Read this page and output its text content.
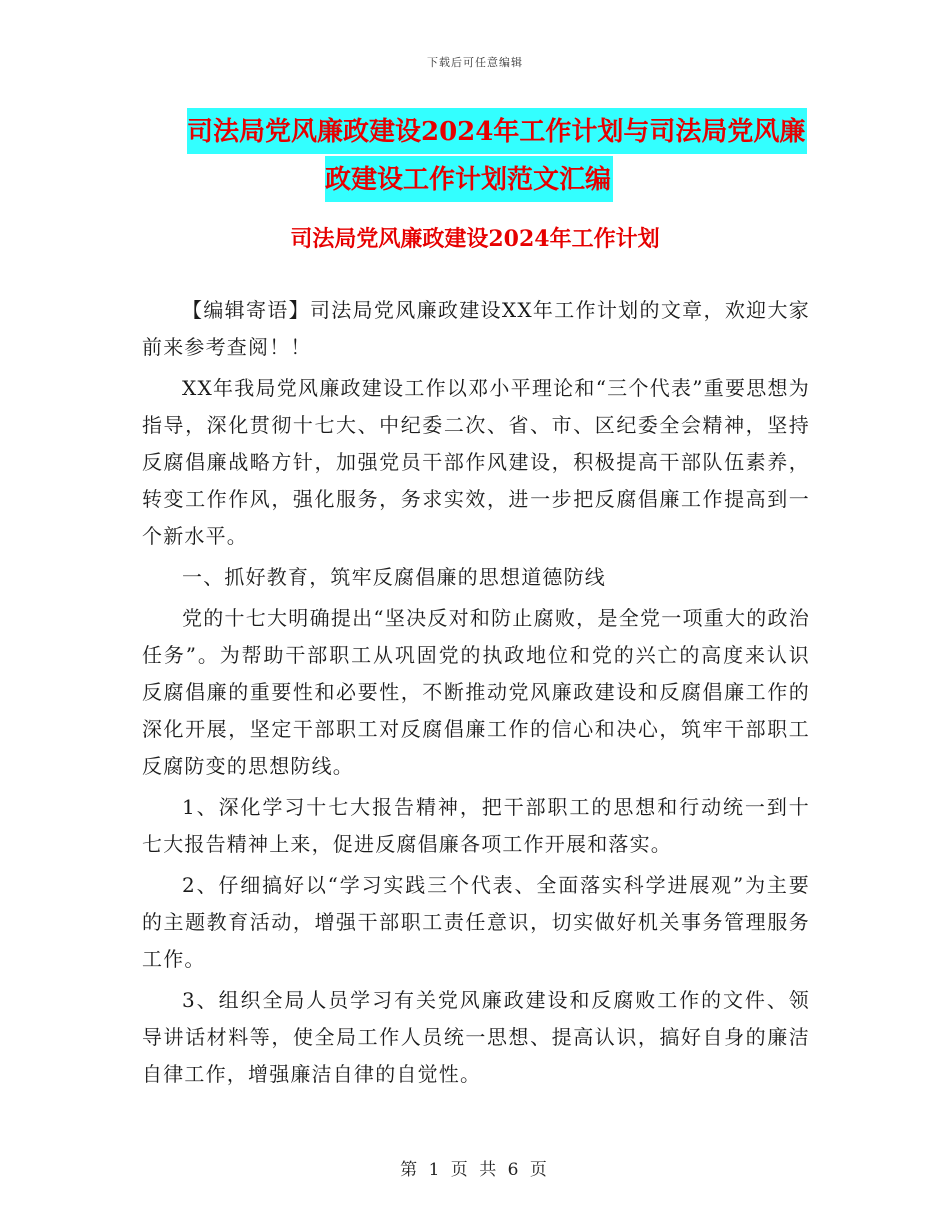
下载后可任意编辑
司法局党风廉政建设2024年工作计划与司法局党风廉
政建设工作计划范文汇编
司法局党风廉政建设2024年工作计划

【编辑寄语】司法局党风廉政建设XX年工作计划的文章，欢迎大家前来参考查阅！！

XX年我局党风廉政建设工作以邓小平理论和“三个代表”重要思想为指导，深化贯彻十七大、中纪委二次、省、市、区纪委全会精神，坚持反腐倡廉战略方针，加强党员干部作风建设，积极提高干部队伍素养，转变工作作风，强化服务，务求实效，进一步把反腐倡廉工作提高到一个新水平。

一、抓好教育，筑牢反腐倡廉的思想道德防线

党的十七大明确提出“坚决反对和防止腐败，是全党一项重大的政治任务”。为帮助干部职工从巩固党的执政地位和党的兴亡的高度来认识反腐倡廉的重要性和必要性，不断推动党风廉政建设和反腐倡廉工作的深化开展，坚定干部职工对反腐倡廉工作的信心和决心，筑牢干部职工反腐防变的思想防线。

1、深化学习十七大报告精神，把干部职工的思想和行动统一到十七大报告精神上来，促进反腐倡廉各项工作开展和落实。

2、仔细搞好以“学习实践三个代表、全面落实科学进展观”为主要的主题教育活动，增强干部职工责任意识，切实做好机关事务管理服务工作。

3、组织全局人员学习有关党风廉政建设和反腐败工作的文件、领导讲话材料等，使全局工作人员统一思想、提高认识，搞好自身的廉洁自律工作，增强廉洁自律的自觉性。

第 1 页 共 6 页
